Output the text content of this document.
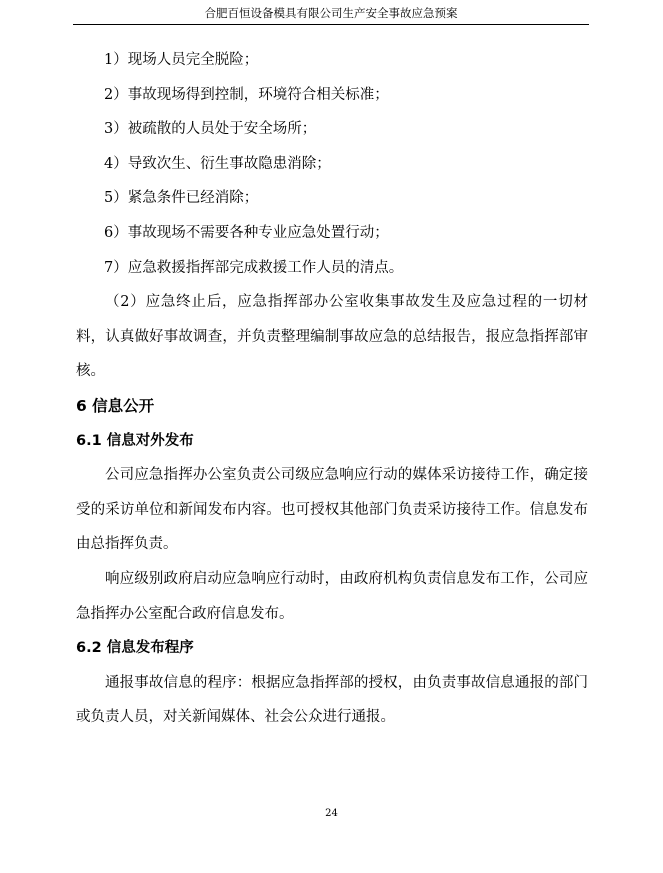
合肥百恒设备模具有限公司生产安全事故应急预案
1）现场人员完全脱险；
2）事故现场得到控制，环境符合相关标准；
3）被疏散的人员处于安全场所；
4）导致次生、衍生事故隐患消除；
5）紧急条件已经消除；
6）事故现场不需要各种专业应急处置行动；
7）应急救援指挥部完成救援工作人员的清点。

（2）应急终止后，应急指挥部办公室收集事故发生及应急过程的一切材料，认真做好事故调查，并负责整理编制事故应急的总结报告，报应急指挥部审核。

6 信息公开
6.1 信息对外发布

公司应急指挥办公室负责公司级应急响应行动的媒体采访接待工作，确定接受的采访单位和新闻发布内容。也可授权其他部门负责采访接待工作。信息发布由总指挥负责。

响应级别政府启动应急响应行动时，由政府机构负责信息发布工作，公司应急指挥办公室配合政府信息发布。

6.2 信息发布程序

通报事故信息的程序：根据应急指挥部的授权，由负责事故信息通报的部门或负责人员，对关新闻媒体、社会公众进行通报。

24
